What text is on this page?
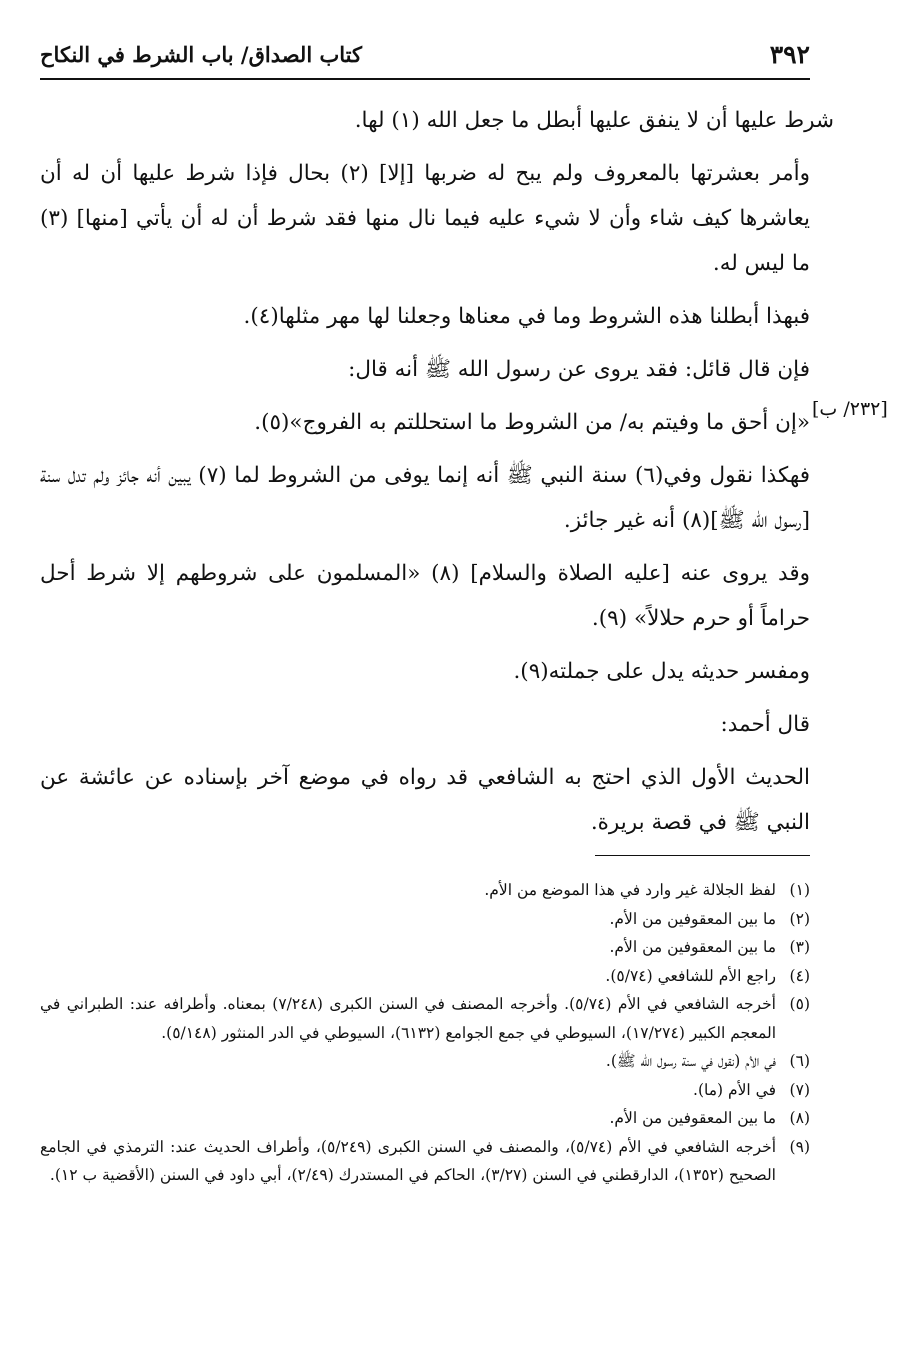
٣٩٢
كتاب الصداق/ باب الشرط في النكاح
[٢٣٢/ ب]

شرط عليها أن لا ينفق عليها أبطل ما جعل الله (١) لها.

وأمر بعشرتها بالمعروف ولم يبح له ضربها [إلا] (٢) بحال فإذا شرط عليها أن له أن يعاشرها كيف شاء وأن لا شيء عليه فيما نال منها فقد شرط أن له أن يأتي [منها] (٣) ما ليس له.

فبهذا أبطلنا هذه الشروط وما في معناها وجعلنا لها مهر مثلها(٤).

فإن قال قائل: فقد يروى عن رسول الله ﷺ أنه قال:

«إن أحق ما وفيتم به/ من الشروط ما استحللتم به الفروج»(٥).

فهكذا نقول وفي(٦) سنة النبي ﷺ أنه إنما يوفى من الشروط لما (٧) يبين أنه جائز ولم تدل سنة [رسول الله ﷺ](٨) أنه غير جائز.

وقد يروى عنه [عليه الصلاة والسلام] (٨) «المسلمون على شروطهم إلا شرط أحل حراماً أو حرم حلالاً» (٩).

ومفسر حديثه يدل على جملته(٩).

قال أحمد:

الحديث الأول الذي احتج به الشافعي قد رواه في موضع آخر بإسناده عن عائشة عن النبي ﷺ في قصة بريرة.

(١)
لفظ الجلالة غير وارد في هذا الموضع من الأم.
(٢)
ما بين المعقوفين من الأم.
(٣)
ما بين المعقوفين من الأم.
(٤)
راجع الأم للشافعي (٥/٧٤).
(٥)
أخرجه الشافعي في الأم (٥/٧٤). وأخرجه المصنف في السنن الكبرى (٧/٢٤٨) بمعناه. وأطرافه عند: الطبراني في المعجم الكبير (١٧/٢٧٤)، السيوطي في جمع الجوامع (٦١٣٢)، السيوطي في الدر المنثور (٥/١٤٨).
(٦)
في الأم (نقول في سنة رسول الله ﷺ).
(٧)
في الأم (ما).
(٨)
ما بين المعقوفين من الأم.
(٩)
أخرجه الشافعي في الأم (٥/٧٤)، والمصنف في السنن الكبرى (٥/٢٤٩)، وأطراف الحديث عند: الترمذي في الجامع الصحيح (١٣٥٢)، الدارقطني في السنن (٣/٢٧)، الحاكم في المستدرك (٢/٤٩)، أبي داود في السنن (الأقضية ب ١٢).
